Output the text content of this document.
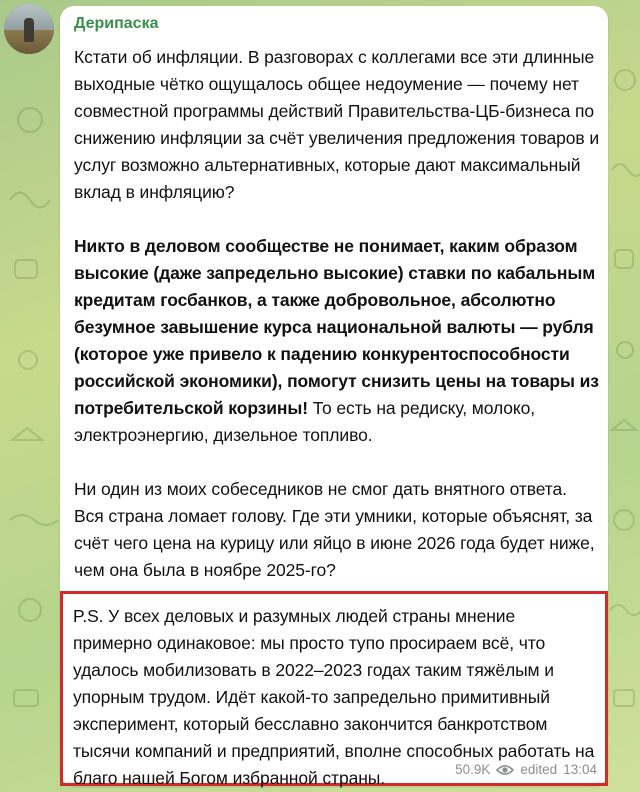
Дерипаска

Кстати об инфляции. В разговорах с коллегами все эти длинные выходные чётко ощущалось общее недоумение — почему нет совместной программы действий Правительства-ЦБ-бизнеса по снижению инфляции за счёт увеличения предложения товаров и услуг возможно альтернативных, которые дают максимальный вклад в инфляцию?

Никто в деловом сообществе не понимает, каким образом высокие (даже запредельно высокие) ставки по кабальным кредитам госбанков, а также добровольное, абсолютно безумное завышение курса национальной валюты — рубля (которое уже привело к падению конкурентоспособности российской экономики), помогут снизить цены на товары из потребительской корзины! То есть на редиску, молоко, электроэнергию, дизельное топливо.

Ни один из моих собеседников не смог дать внятного ответа. Вся страна ломает голову. Где эти умники, которые объяснят, за счёт чего цена на курицу или яйцо в июне 2026 года будет ниже, чем она была в ноябре 2025-го?

P.S. У всех деловых и разумных людей страны мнение примерно одинаковое: мы просто тупо просираем всё, что удалось мобилизовать в 2022–2023 годах таким тяжёлым и упорным трудом. Идёт какой-то запредельно примитивный эксперимент, который бесславно закончится банкротством тысячи компаний и предприятий, вполне способных работать на благо нашей Богом избранной страны.	50.9K edited 13:04
